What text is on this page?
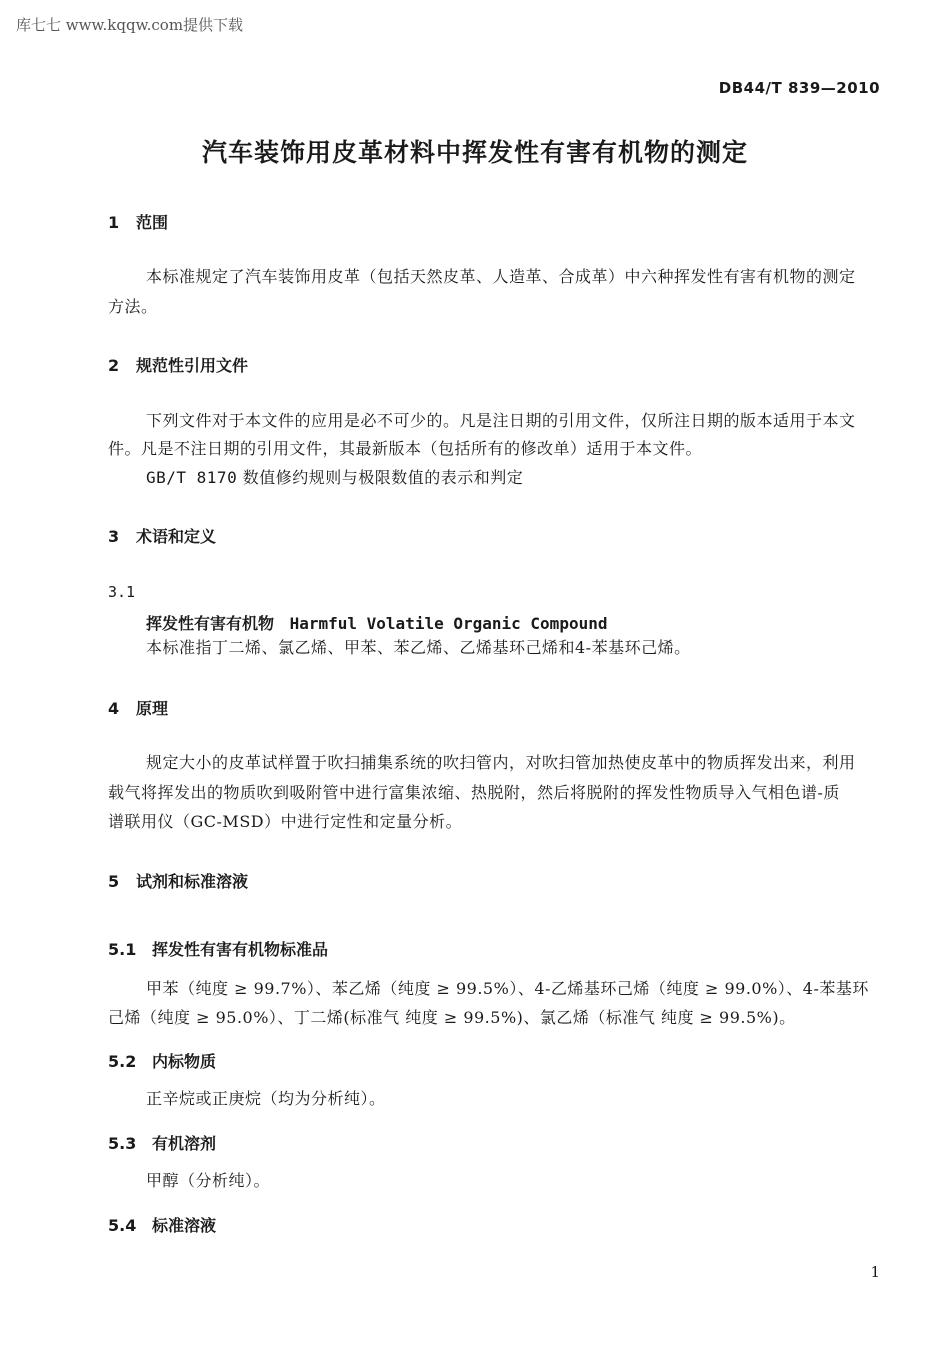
库七七 www.kqqw.com提供下载
DB44/T 839—2010
汽车装饰用皮革材料中挥发性有害有机物的测定
1 范围
本标准规定了汽车装饰用皮革（包括天然皮革、人造革、合成革）中六种挥发性有害有机物的测定
方法。
2 规范性引用文件
下列文件对于本文件的应用是必不可少的。凡是注日期的引用文件，仅所注日期的版本适用于本文
件。凡是不注日期的引用文件，其最新版本（包括所有的修改单）适用于本文件。
GB/T 8170 数值修约规则与极限数值的表示和判定
3 术语和定义
3.1
挥发性有害有机物 Harmful Volatile Organic Compound
本标准指丁二烯、氯乙烯、甲苯、苯乙烯、乙烯基环己烯和4-苯基环己烯。
4 原理
规定大小的皮革试样置于吹扫捕集系统的吹扫管内，对吹扫管加热使皮革中的物质挥发出来，利用
载气将挥发出的物质吹到吸附管中进行富集浓缩、热脱附，然后将脱附的挥发性物质导入气相色谱-质
谱联用仪（GC-MSD）中进行定性和定量分析。
5 试剂和标准溶液
5.1 挥发性有害有机物标准品
甲苯（纯度 ≥ 99.7%）、苯乙烯（纯度 ≥ 99.5%）、4-乙烯基环己烯（纯度 ≥ 99.0%）、4-苯基环
己烯（纯度 ≥ 95.0%）、丁二烯(标准气 纯度 ≥ 99.5%)、氯乙烯（标准气 纯度 ≥ 99.5%)。
5.2 内标物质
正辛烷或正庚烷（均为分析纯）。
5.3 有机溶剂
甲醇（分析纯）。
5.4 标准溶液
1
